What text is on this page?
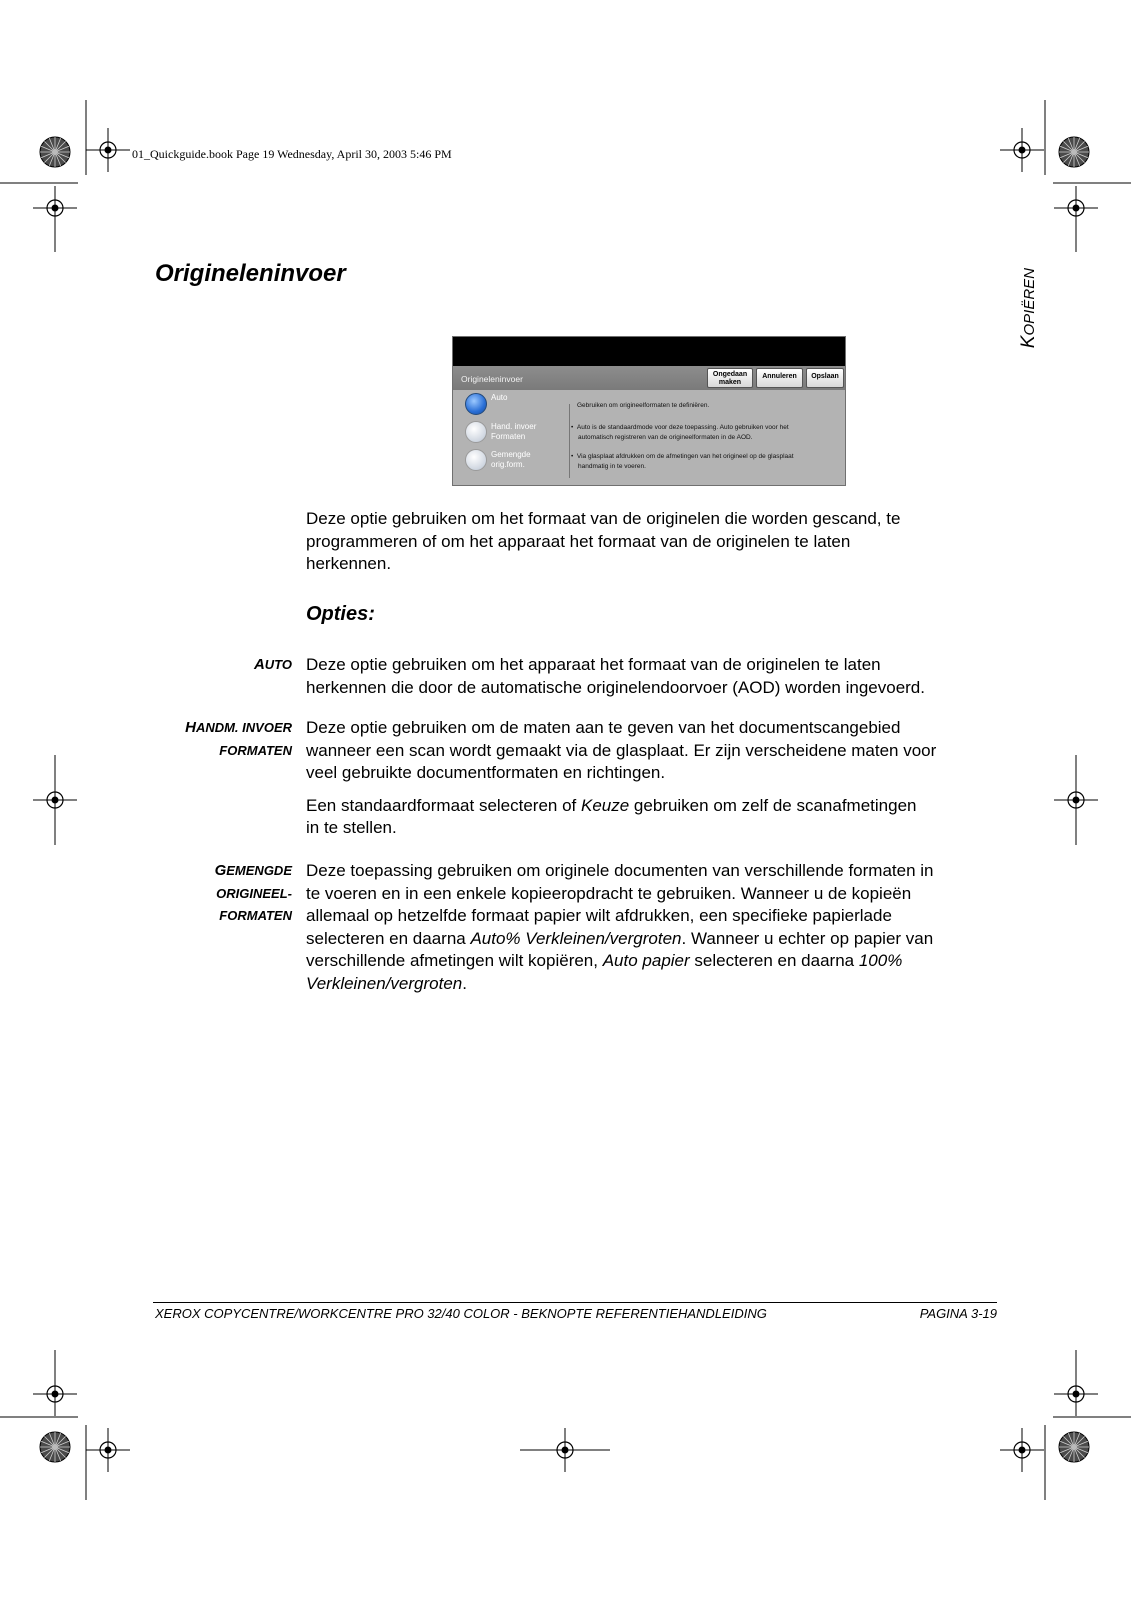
01_Quickguide.book Page 19 Wednesday, April 30, 2003 5:46 PM
Origineleninvoer
KOPIËREN
Origineleninvoer	Ongedaan
maken
Annuleren	Opslaan
Auto
Hand. invoer
Formaten
Gemengde
orig.form.
Gebruiken om origineelformaten te definiëren.
•  Auto is de standaardmode voor deze toepassing. Auto gebruiken voor het
automatisch registreren van de origineelformaten in de AOD.
•  Via glasplaat afdrukken om de afmetingen van het origineel op de glasplaat
handmatig in te voeren.
Deze optie gebruiken om het formaat van de originelen die worden gescand, te
programmeren of om het apparaat het formaat van de originelen te laten
herkennen.
Opties:
AUTO Deze optie gebruiken om het apparaat het formaat van de originelen te laten
herkennen die door de automatische originelendoorvoer (AOD) worden ingevoerd.
HANDM. INVOER
FORMATEN
Deze optie gebruiken om de maten aan te geven van het documentscangebied
wanneer een scan wordt gemaakt via de glasplaat. Er zijn verscheidene maten voor
veel gebruikte documentformaten en richtingen.
Een standaardformaat selecteren of Keuze gebruiken om zelf de scanafmetingen
in te stellen.
GEMENGDE
ORIGINEEL-
FORMATEN
Deze toepassing gebruiken om originele documenten van verschillende formaten in
te voeren en in een enkele kopieeropdracht te gebruiken. Wanneer u de kopieën
allemaal op hetzelfde formaat papier wilt afdrukken, een specifieke papierlade
selecteren en daarna Auto% Verkleinen/vergroten. Wanneer u echter op papier van
verschillende afmetingen wilt kopiëren, Auto papier selecteren en daarna 100%
Verkleinen/vergroten.
XEROX COPYCENTRE/WORKCENTRE PRO 32/40 COLOR - BEKNOPTE REFERENTIEHANDLEIDING	PAGINA 3-19
